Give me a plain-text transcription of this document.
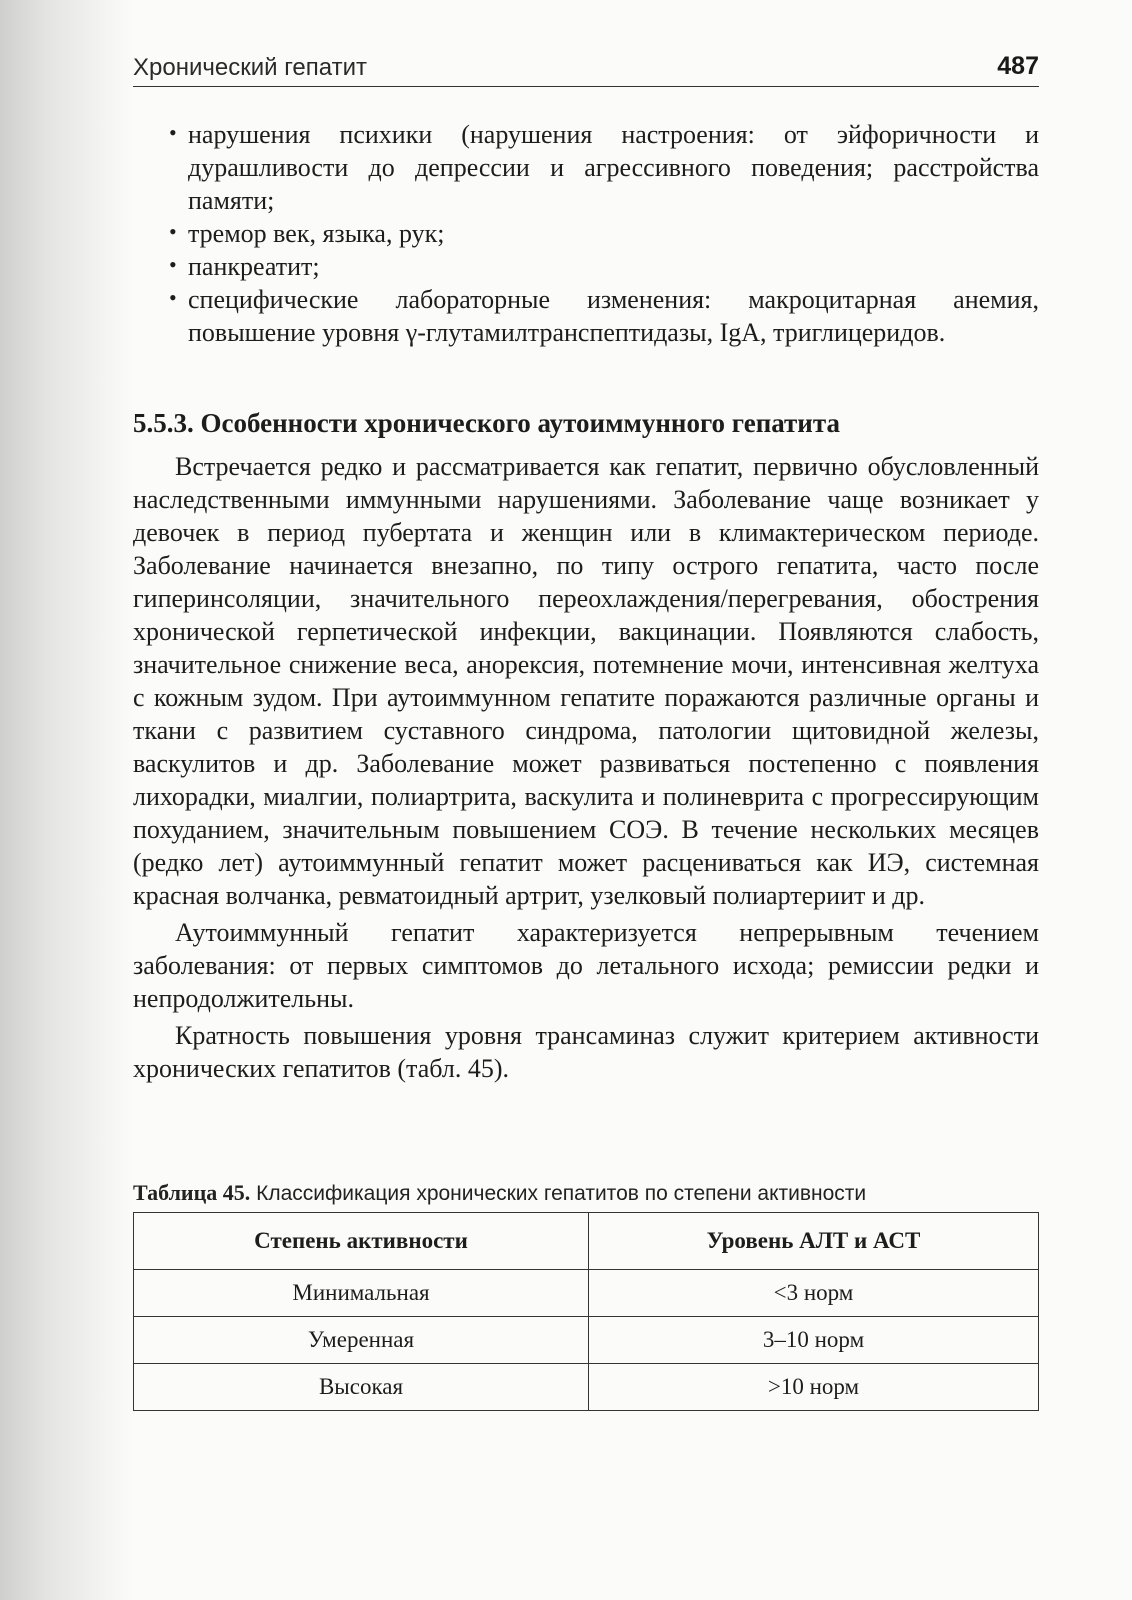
Хронический гепатит	487
• нарушения психики (нарушения настроения: от эйфоричности и дурашливости до депрессии и агрессивного поведения; расстройства памяти;
• тремор век, языка, рук;
• панкреатит;
• специфические лабораторные изменения: макроцитарная анемия, повышение уровня γ-глутамилтранспептидазы, IgA, триглицеридов.
5.5.3. Особенности хронического аутоиммунного гепатита

Встречается редко и рассматривается как гепатит, первично обусловленный наследственными иммунными нарушениями. Заболевание чаще возникает у девочек в период пубертата и женщин или в климактерическом периоде. Заболевание начинается внезапно, по типу острого гепатита, часто после гиперинсоляции, значительного переохлаждения/перегревания, обострения хронической герпетической инфекции, вакцинации. Появляются слабость, значительное снижение веса, анорексия, потемнение мочи, интенсивная желтуха с кожным зудом. При аутоиммунном гепатите поражаются различные органы и ткани с развитием суставного синдрома, патологии щитовидной железы, васкулитов и др. Заболевание может развиваться постепенно с появления лихорадки, миалгии, полиартрита, васкулита и полиневрита с прогрессирующим похуданием, значительным повышением СОЭ. В течение нескольких месяцев (редко лет) аутоиммунный гепатит может расцениваться как ИЭ, системная красная волчанка, ревматоидный артрит, узелковый полиартериит и др.

Аутоиммунный гепатит характеризуется непрерывным течением заболевания: от первых симптомов до летального исхода; ремиссии редки и непродолжительны.

Кратность повышения уровня трансаминаз служит критерием активности хронических гепатитов (табл. 45).

Таблица 45. Классификация хронических гепатитов по степени активности
Степень активности	Уровень АЛТ и АСТ
Минимальная	<3 норм
Умеренная	3–10 норм
Высокая	>10 норм
